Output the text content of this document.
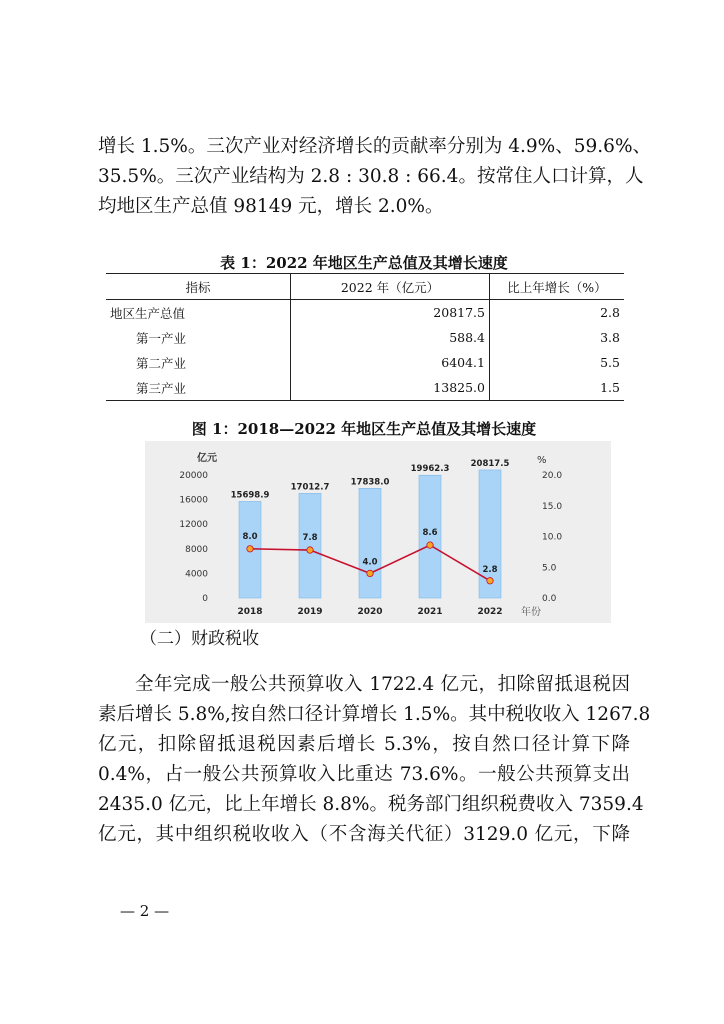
增长 1.5%。三次产业对经济增长的贡献率分别为 4.9%、59.6%、
35.5%。三次产业结构为 2.8 : 30.8 : 66.4。按常住人口计算，人
均地区生产总值 98149 元，增长 2.0%。

表 1：2022 年地区生产总值及其增长速度

指标	2022 年（亿元）	比上年增长（%）
地区生产总值	20817.5	2.8
第一产业	588.4	3.8
第二产业	6404.1	5.5
第三产业	13825.0	1.5

图 1：2018—2022 年地区生产总值及其增长速度

亿元	%
0
4000
8000
12000
16000
20000
0.0
5.0
10.0
15.0
20.0
15698.9
17012.7
17838.0
19962.3
20817.5
2018	2019	2020	2021	2022 年份
8.0	7.8
4.0
8.6
2.8

（二）财政税收

全年完成一般公共预算收入 1722.4 亿元，扣除留抵退税因
素后增长 5.8%,按自然口径计算增长 1.5%。其中税收收入 1267.8
亿元，扣除留抵退税因素后增长 5.3%，按自然口径计算下降
0.4%，占一般公共预算收入比重达 73.6%。一般公共预算支出
2435.0 亿元，比上年增长 8.8%。税务部门组织税费收入 7359.4
亿元，其中组织税收收入（不含海关代征）3129.0 亿元，下降

— 2 —
